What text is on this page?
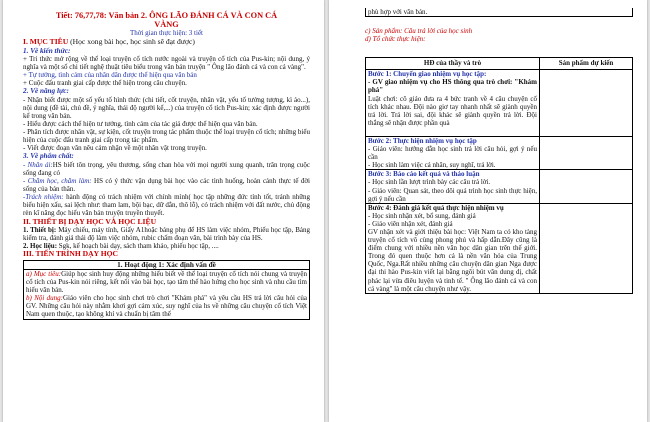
Tiết: 76,77,78: Văn bản 2. ÔNG LÃO ĐÁNH CÁ VÀ CON CÁ
VÀNG
Thời gian thực hiện: 3 tiết
I. MỤC TIÊU (Học xong bài học, học sinh sẽ đạt được)
1. Về kiến thức:

+ Tri thức mở rộng về thể loại truyện cổ tích nước ngoài và truyện cổ tích của Pus-kin; nội dung, ý nghĩa và một số chi tiết nghệ thuật tiêu biểu trong văn bản truyện " Ông lão đánh cá và con cá vàng".

+ Tự tưởng, tình cảm của nhân dân được thể hiện qua văn bản

+ Cuộc đấu tranh giai cấp được thể hiện trong câu chuyện.

2. Về năng lực:

- Nhận biết được một số yếu tố hình thức (chi tiết, cốt truyện, nhân vật, yếu tố tưởng tượng, kì ảo...), nội dung (đề tài, chủ đề, ý nghĩa, thái độ người kể,...) của truyện cổ tích Pus-kin; xác định được người kể trong văn bản.

- Hiểu được cách thể hiện tư tưởng, tình cảm của tác giả được thể hiện qua văn bản.

- Phân tích được nhân vật, sự kiện, cốt truyện trong tác phẩm thuộc thể loại truyện cổ tích; những biểu hiện của cuộc đấu tranh giai cấp trong tác phẩm.

- Viết được đoạn văn nêu cảm nhận về một nhân vật trong truyện.

3. Về phẩm chất:

- Nhân ái:HS biết tôn trọng, yêu thương, sống chan hòa với mọi người xung quanh, trân trọng cuộc sống đang có

- Chăm học, chăm làm: HS có ý thức vận dụng bài học vào các tình huống, hoàn cảnh thực tế đời sống của bản thân.

-Trách nhiệm: hành động có trách nhiệm với chính mình( học tập những đức tính tốt, tránh những biểu hiện xấu, sai lệch như: tham lam, bội bạc, dữ dằn, thô lỗ), có trách nhiệm với đất nước, chủ động rèn kĩ năng đọc hiểu văn bản truyện truyền thuyết.

II. THIẾT BỊ DẠY HỌC VÀ HỌC LIỆU

1. Thiết bị: Máy chiếu, máy tính, Giấy A1hoặc bảng phụ để HS làm việc nhóm, Phiếu học tập, Bảng kiểm tra, đánh giá thái độ làm việc nhóm, rubic chấm đoạn văn, bài trình bày của HS.

2. Học liệu: Sgk, kế hoạch bài dạy, sách tham khảo, phiếu học tập, ....

III. TIẾN TRÌNH DẠY HỌC
1. Hoạt động 1: Xác định vấn đề

a) Mục tiêu:Giúp học sinh huy động những hiểu biết về thể loại truyện cổ tích nói chung và truyện cổ tích của Pus-kin nói riêng, kết nối vào bài học, tạo tâm thế hào hứng cho học sinh và nhu cầu tìm hiểu văn bản.

b) Nội dung:Giáo viên cho học sinh chơi trò chơi "Khám phá" và yêu cầu HS trả lời câu hỏi của GV. Những câu hỏi này nhằm khơi gợi cảm xúc, suy nghĩ của hs về những câu chuyện cổ tích Việt Nam quen thuộc, tạo không khí và chuẩn bị tâm thế

phù hợp với văn bản.

c) Sản phẩm: Câu trả lời của học sinh

d) Tổ chức thực hiện:

HĐ của thầy và trò	Sản phẩm dự kiến

Bước 1: Chuyển giao nhiệm vụ học tập:

- GV giao nhiệm vụ cho HS thông qua trò chơi: "Khám phá"

Luật chơi: cô giáo đưa ra 4 bức tranh về 4 câu chuyện cổ tích khác nhau. Đội nào giơ tay nhanh nhất sẽ giành quyền trả lời. Trả lời sai, đội khác sẽ giành quyền trả lời. Đội thắng sẽ nhận được phần quà	

Bước 2: Thực hiện nhiệm vụ học tập

- Giáo viên: hướng dẫn học sinh trả lời câu hỏi, gợi ý nếu cần

- Học sinh làm việc cá nhân, suy nghĩ, trả lời.	

Bước 3: Báo cáo kết quả và thảo luận

- Học sinh lần lượt trình bày các câu trả lời.

- Giáo viên: Quan sát, theo dõi quá trình học sinh thực hiện, gợi ý nếu cần	

Bước 4: Đánh giá kết quả thực hiện nhiệm vụ

- Học sinh nhận xét, bổ sung, đánh giá

- Giáo viên nhận xét, đánh giá

GV nhận xét và giới thiệu bài học: Việt Nam ta có kho tàng truyện cổ tích vô cùng phong phú và hấp dẫn.Đây cũng là điểm chung với nhiều nền văn học dân gian trên thế giới. Trong đó quen thuộc hơn cả là nền văn hóa của Trung Quốc, Nga.Rất nhiều những câu chuyện dân gian Nga được đại thi hào Pus-kin viết lại bằng ngôi bút văn dung dị, chất phác lại vừa điêu luyện và tinh tế. " Ông lão đánh cá và con cá vàng" là một câu chuyện như vậy.	
